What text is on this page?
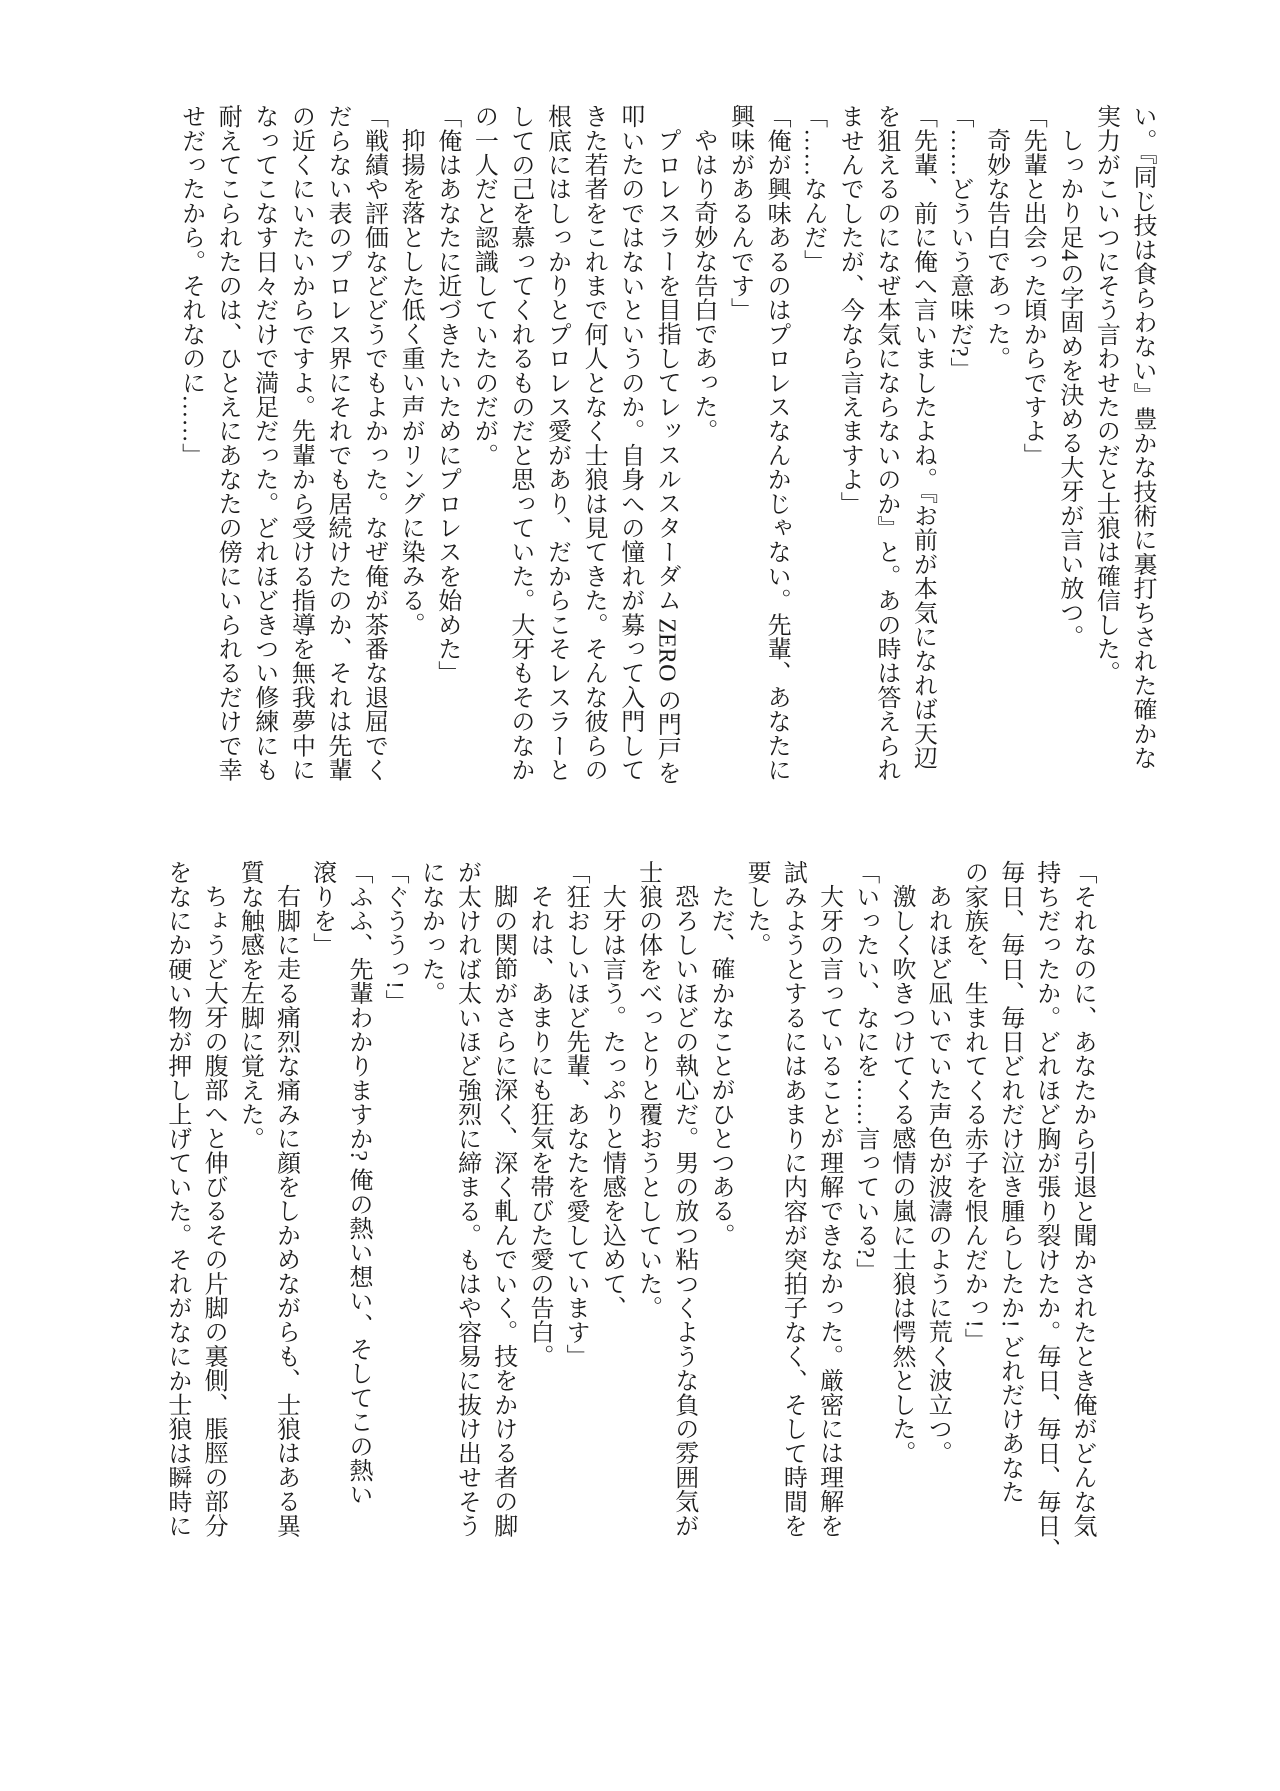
い。『同じ技は食らわない』豊かな技術に裏打ちされた確かな

実力がこいつにそう言わせたのだと士狼は確信した。

しっかり足4の字固めを決める大牙が言い放つ。

「先輩と出会った頃からですよ」

奇妙な告白であった。

「……どういう意味だ?」

「先輩、前に俺へ言いましたよね。『お前が本気になれば天辺

を狙えるのになぜ本気にならないのか』と。あの時は答えられ

ませんでしたが、今なら言えますよ」

「……なんだ」

「俺が興味あるのはプロレスなんかじゃない。先輩、あなたに

興味があるんです」

やはり奇妙な告白であった。

プロレスラーを目指してレッスルスターダム ZERO の門戸を

叩いたのではないというのか。自身への憧れが募って入門して

きた若者をこれまで何人となく士狼は見てきた。そんな彼らの

根底にはしっかりとプロレス愛があり、だからこそレスラーと

しての己を慕ってくれるものだと思っていた。大牙もそのなか

の一人だと認識していたのだが。

「俺はあなたに近づきたいためにプロレスを始めた」

抑揚を落とした低く重い声がリングに染みる。

「戦績や評価などどうでもよかった。なぜ俺が茶番な退屈でく

だらない表のプロレス界にそれでも居続けたのか、それは先輩

の近くにいたいからですよ。先輩から受ける指導を無我夢中に

なってこなす日々だけで満足だった。どれほどきつい修練にも

耐えてこられたのは、ひとえにあなたの傍にいられるだけで幸

せだったから。それなのに……」

「それなのに、あなたから引退と聞かされたとき俺がどんな気

持ちだったか。どれほど胸が張り裂けたか。毎日、毎日、毎日、

毎日、毎日、毎日どれだけ泣き腫らしたか! どれだけあなた

の家族を、生まれてくる赤子を恨んだかっ!」

あれほど凪いでいた声色が波濤のように荒く波立つ。

激しく吹きつけてくる感情の嵐に士狼は愕然とした。

「いったい、なにを……言っている?」

大牙の言っていることが理解できなかった。厳密には理解を

試みようとするにはあまりに内容が突拍子なく、そして時間を

要した。

ただ、確かなことがひとつある。

恐ろしいほどの執心だ。男の放つ粘つくような負の雰囲気が

士狼の体をべっとりと覆おうとしていた。

大牙は言う。たっぷりと情感を込めて、

「狂おしいほど先輩、あなたを愛しています」

それは、あまりにも狂気を帯びた愛の告白。

脚の関節がさらに深く、深く軋んでいく。技をかける者の脚

が太ければ太いほど強烈に締まる。もはや容易に抜け出せそう

になかった。

「ぐううっ!」

「ふふ、先輩わかりますか? 俺の熱い想い、そしてこの熱い

滾りを」

右脚に走る痛烈な痛みに顔をしかめながらも、士狼はある異

質な触感を左脚に覚えた。

ちょうど大牙の腹部へと伸びるその片脚の裏側、脹脛の部分

をなにか硬い物が押し上げていた。それがなにか士狼は瞬時に
